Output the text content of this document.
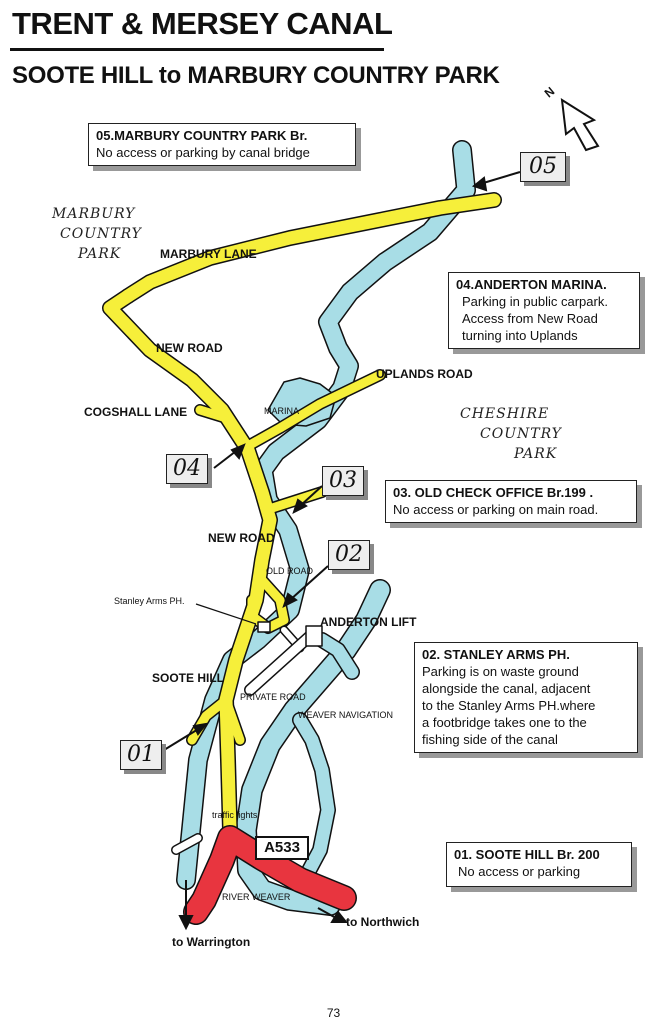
TRENT & MERSEY CANAL
SOOTE HILL to MARBURY COUNTRY PARK
N
MARBURY
COUNTRY
PARK
CHESHIRE
COUNTRY
PARK
MARBURY LANE
NEW ROAD
UPLANDS ROAD
COGSHALL LANE	MARINA
NEW ROAD
OLD ROAD
Stanley Arms PH.
ANDERTON LIFT
SOOTE HILL
PRIVATE ROAD
WEAVER NAVIGATION
traffic lights
RIVER WEAVER
to Northwich
to Warrington
05.MARBURY COUNTRY PARK Br.
No access or parking by canal bridge
04.ANDERTON MARINA.
Parking in public carpark.
Access from New Road
turning into Uplands
03. OLD CHECK OFFICE Br.199 .
No access or parking on main road.
02. STANLEY ARMS PH.
Parking is on waste ground
alongside the canal, adjacent
to the Stanley Arms PH.where
a footbridge takes one to the
fishing side of the canal
01. SOOTE HILL Br. 200
No access or parking
05
04	03
02
01
A533
73
